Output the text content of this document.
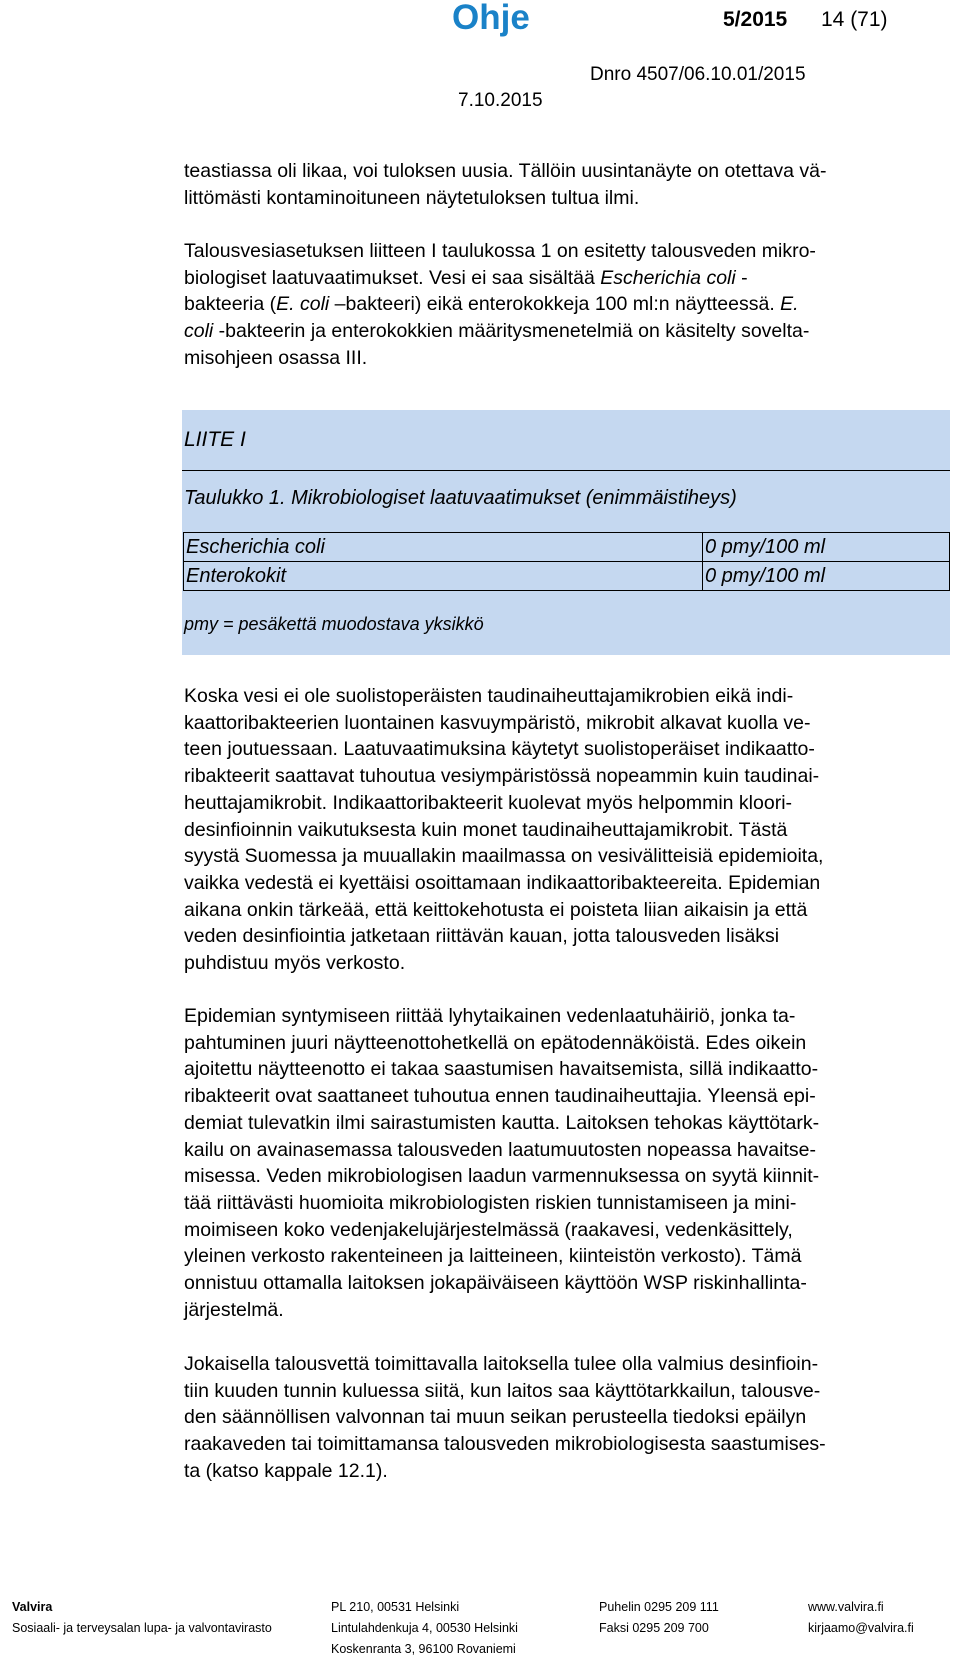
Ohje	5/2015 14 (71)
Dnro 4507/06.10.01/2015
7.10.2015

teastiassa oli likaa, voi tuloksen uusia. Tällöin uusintanäyte on otettava vä-
littömästi kontaminoituneen näytetuloksen tultua ilmi.

Talousvesiasetuksen liitteen I taulukossa 1 on esitetty talousveden mikro-
biologiset laatuvaatimukset. Vesi ei saa sisältää Escherichia coli -
bakteeria (E. coli –bakteeri) eikä enterokokkeja 100 ml:n näytteessä. E.
coli -bakteerin ja enterokokkien määritysmenetelmiä on käsitelty soveltа-
misohjeen osassa III.

LIITE I
Taulukko 1. Mikrobiologiset laatuvaatimukset (enimmäistiheys)
Escherichia coli	0 pmy/100 ml
Enterokokit	0 pmy/100 ml
pmy = pesäkettä muodostava yksikkö

Koska vesi ei ole suolistoperäisten taudinaiheuttajamikrobien eikä indi-
kaattoribakteerien luontainen kasvuympäristö, mikrobit alkavat kuolla ve-
teen joutuessaan. Laatuvaatimuksina käytetyt suolistoperäiset indikaatto-
ribakteerit saattavat tuhoutua vesiympäristössä nopeammin kuin taudinai-
heuttajamikrobit. Indikaattoribakteerit kuolevat myös helpommin kloori-
desinfioinnin vaikutuksesta kuin monet taudinaiheuttajamikrobit. Tästä
syystä Suomessa ja muuallakin maailmassa on vesivälitteisiä epidemioita,
vaikka vedestä ei kyettäisi osoittamaan indikaattoribakteereita. Epidemian
aikana onkin tärkeää, että keittokehotusta ei poisteta liian aikaisin ja että
veden desinfiointia jatketaan riittävän kauan, jotta talousveden lisäksi
puhdistuu myös verkosto.

Epidemian syntymiseen riittää lyhytaikainen vedenlaatuhäiriö, jonka ta-
pahtuminen juuri näytteenottohetkellä on epätodennäköistä. Edes oikein
ajoitettu näytteenotto ei takaa saastumisen havaitsemista, sillä indikaatto-
ribakteerit ovat saattaneet tuhoutua ennen taudinaiheuttajia. Yleensä epi-
demiat tulevatkin ilmi sairastumisten kautta. Laitoksen tehokas käyttötark-
kailu on avainasemassa talousveden laatumuutosten nopeassa havaitse-
misessa. Veden mikrobiologisen laadun varmennuksessa on syytä kiinnit-
tää riittävästi huomioita mikrobiologisten riskien tunnistamiseen ja mini-
moimiseen koko vedenjakelujärjestelmässä (raakavesi, vedenkäsittely,
yleinen verkosto rakenteineen ja laitteineen, kiinteistön verkosto). Tämä
onnistuu ottamalla laitoksen jokapäiväiseen käyttöön WSP riskinhallinta-
järjestelmä.

Jokaisella talousvettä toimittavalla laitoksella tulee olla valmius desinfioin-
tiin kuuden tunnin kuluessa siitä, kun laitos saa käyttötarkkailun, talousve-
den säännöllisen valvonnan tai muun seikan perusteella tiedoksi epäilyn
raakaveden tai toimittamansa talousveden mikrobiologisesta saastumises-
ta (katso kappale 12.1).

Valvira
Sosiaali- ja terveysalan lupa- ja valvontavirasto
PL 210, 00531 Helsinki
Lintulahdenkuja 4, 00530 Helsinki
Koskenranta 3, 96100 Rovaniemi
Puhelin 0295 209 111
Faksi 0295 209 700
www.valvira.fi
kirjaamo@valvira.fi
